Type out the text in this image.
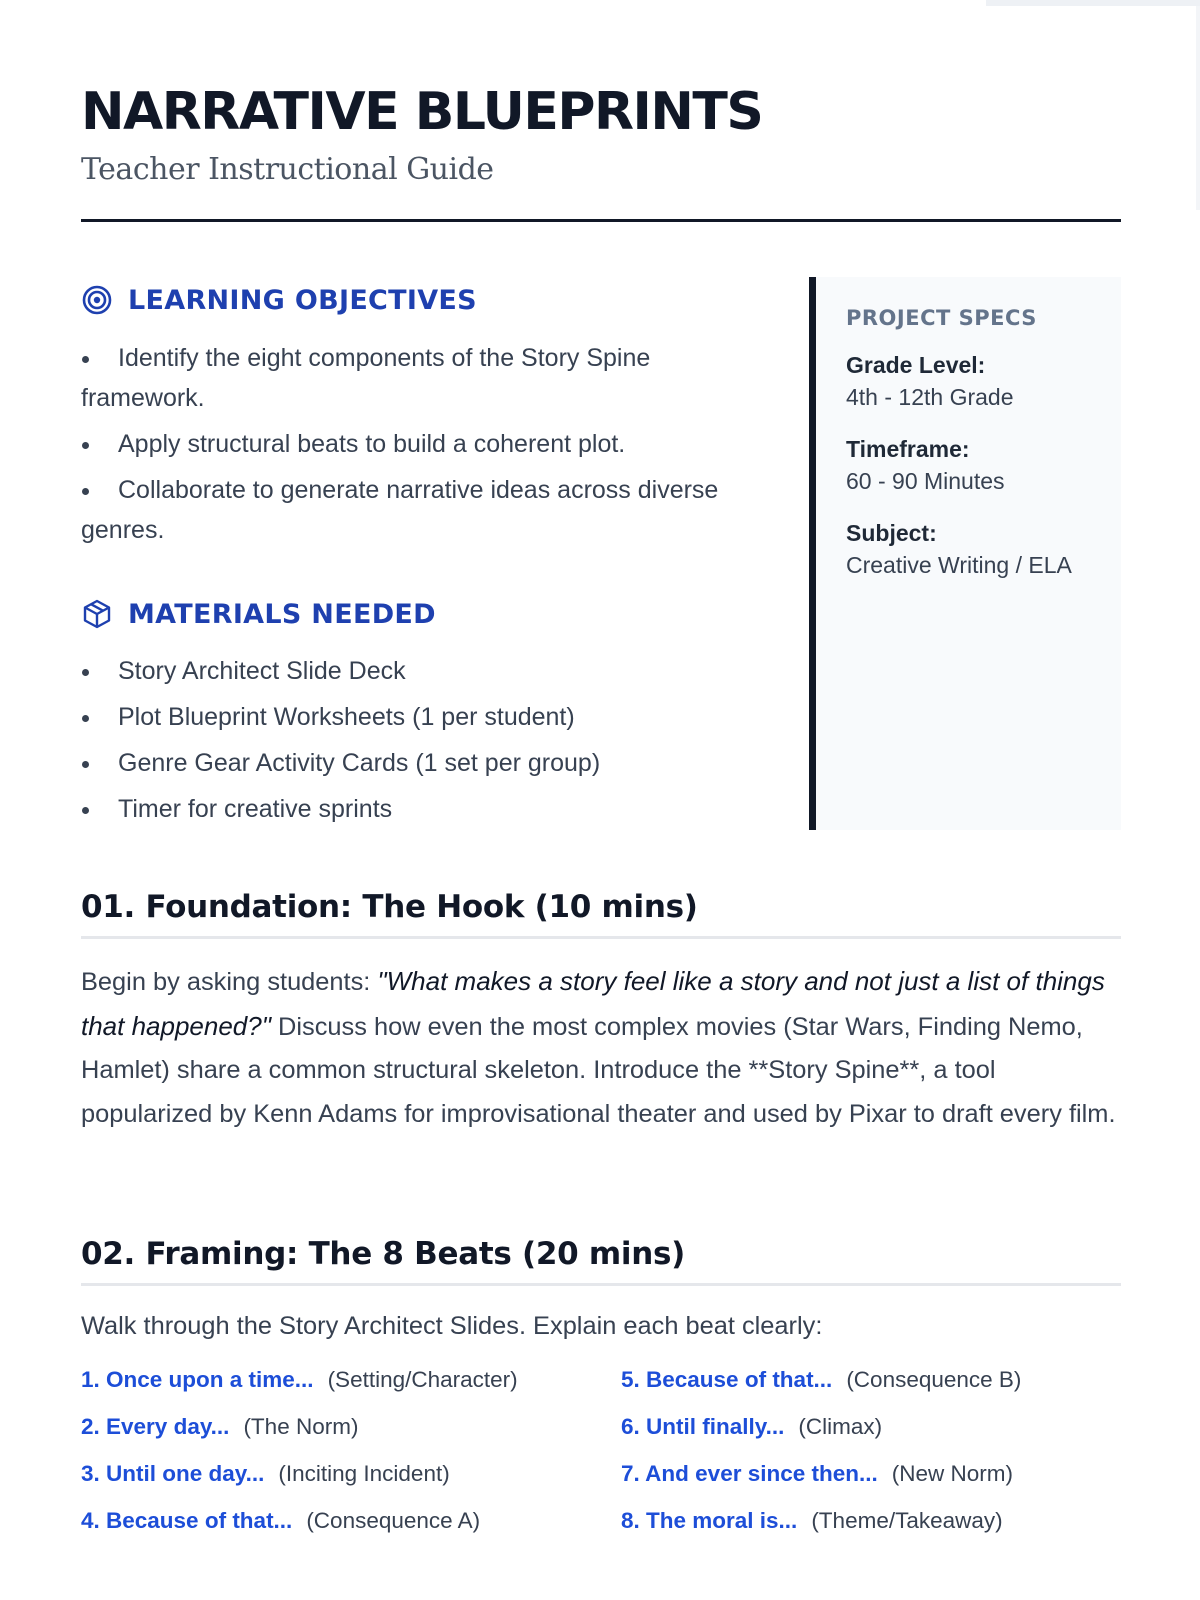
NARRATIVE BLUEPRINTS
Teacher Instructional Guide
LEARNING OBJECTIVES
Identify the eight components of the Story Spine framework.
Apply structural beats to build a coherent plot.
Collaborate to generate narrative ideas across diverse genres.
MATERIALS NEEDED
Story Architect Slide Deck
Plot Blueprint Worksheets (1 per student)
Genre Gear Activity Cards (1 set per group)
Timer for creative sprints
PROJECT SPECS
Grade Level:
4th - 12th Grade
Timeframe:
60 - 90 Minutes
Subject:
Creative Writing / ELA
01. Foundation: The Hook (10 mins)

Begin by asking students: "What makes a story feel like a story and not just a list of things that happened?" Discuss how even the most complex movies (Star Wars, Finding Nemo, Hamlet) share a common structural skeleton. Introduce the **Story Spine**, a tool popularized by Kenn Adams for improvisational theater and used by Pixar to draft every film.

02. Framing: The 8 Beats (20 mins)

Walk through the Story Architect Slides. Explain each beat clearly:

1. Once upon a time... (Setting/Character)
2. Every day... (The Norm)
3. Until one day... (Inciting Incident)
4. Because of that... (Consequence A)
5. Because of that... (Consequence B)
6. Until finally... (Climax)
7. And ever since then... (New Norm)
8. The moral is... (Theme/Takeaway)
